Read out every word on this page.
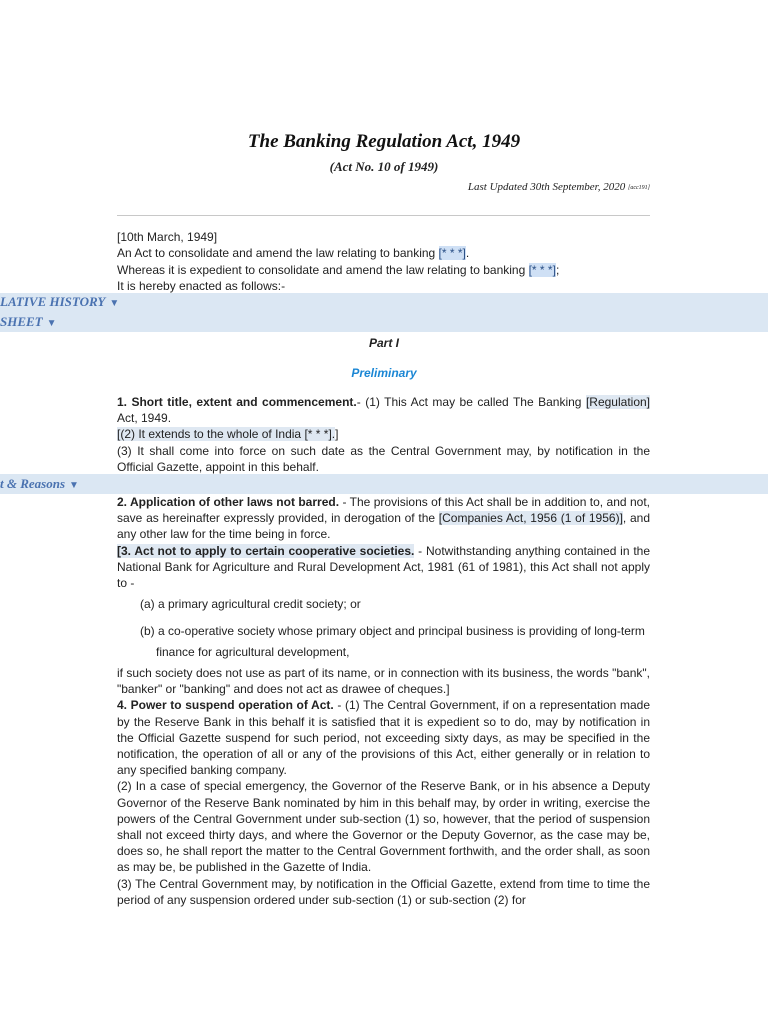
The Banking Regulation Act, 1949
(Act No. 10 of 1949)
Last Updated 30th September, 2020 [acc191]
[10th March, 1949]
An Act to consolidate and amend the law relating to banking [* * *].
Whereas it is expedient to consolidate and amend the law relating to banking [* * *];
It is hereby enacted as follows:-
LATIVE HISTORY ▼
SHEET ▼
Part I
Preliminary

1. Short title, extent and commencement.- (1) This Act may be called The Banking [Regulation] Act, 1949.

[(2) It extends to the whole of India [* * *].]

(3) It shall come into force on such date as the Central Government may, by notification in the Official Gazette, appoint in this behalf.

t & Reasons ▼

2. Application of other laws not barred. - The provisions of this Act shall be in addition to, and not, save as hereinafter expressly provided, in derogation of the [Companies Act, 1956 (1 of 1956)], and any other law for the time being in force.

[3. Act not to apply to certain cooperative societies. - Notwithstanding anything contained in the National Bank for Agriculture and Rural Development Act, 1981 (61 of 1981), this Act shall not apply to -

(a) a primary agricultural credit society; or
(b) a co-operative society whose primary object and principal business is providing of long-term finance for agricultural development,

if such society does not use as part of its name, or in connection with its business, the words "bank", "banker" or "banking" and does not act as drawee of cheques.]

4. Power to suspend operation of Act. - (1) The Central Government, if on a representation made by the Reserve Bank in this behalf it is satisfied that it is expedient so to do, may by notification in the Official Gazette suspend for such period, not exceeding sixty days, as may be specified in the notification, the operation of all or any of the provisions of this Act, either generally or in relation to any specified banking company.

(2) In a case of special emergency, the Governor of the Reserve Bank, or in his absence a Deputy Governor of the Reserve Bank nominated by him in this behalf may, by order in writing, exercise the powers of the Central Government under sub-section (1) so, however, that the period of suspension shall not exceed thirty days, and where the Governor or the Deputy Governor, as the case may be, does so, he shall report the matter to the Central Government forthwith, and the order shall, as soon as may be, be published in the Gazette of India.

(3) The Central Government may, by notification in the Official Gazette, extend from time to time the period of any suspension ordered under sub-section (1) or sub-section (2) for
